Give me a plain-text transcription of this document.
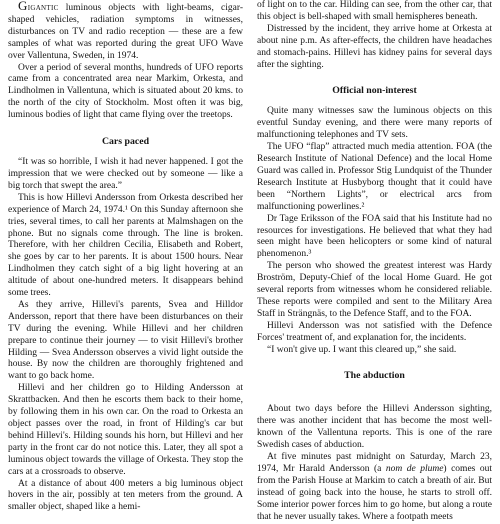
Gigantic luminous objects with light-beams, cigar-shaped vehicles, radiation symptoms in witnesses, disturbances on TV and radio reception — these are a few samples of what was reported during the great UFO Wave over Vallentuna, Sweden, in 1974.

Over a period of several months, hundreds of UFO reports came from a concentrated area near Markim, Orkesta, and Lindholmen in Vallentuna, which is situated about 20 kms. to the north of the city of Stockholm. Most often it was big, luminous bodies of light that came flying over the treetops.

Cars paced

“It was so horrible, I wish it had never happened. I got the impression that we were checked out by someone — like a big torch that swept the area.”

This is how Hillevi Andersson from Orkesta described her experience of March 24, 1974.¹ On this Sunday afternoon she tries, several times, to call her parents at Malmshagen on the phone. But no signals come through. The line is broken. Therefore, with her children Cecilia, Elisabeth and Robert, she goes by car to her parents. It is about 1500 hours. Near Lindholmen they catch sight of a big light hovering at an altitude of about one-hundred meters. It disappears behind some trees.

As they arrive, Hillevi's parents, Svea and Hilldor Andersson, report that there have been disturbances on their TV during the evening. While Hillevi and her children prepare to continue their journey — to visit Hillevi's brother Hilding — Svea Andersson observes a vivid light outside the house. By now the children are thoroughly frightened and want to go back home.

Hillevi and her children go to Hilding Andersson at Skrattbacken. And then he escorts them back to their home, by following them in his own car. On the road to Orkesta an object passes over the road, in front of Hilding's car but behind Hillevi's. Hilding sounds his horn, but Hillevi and her party in the front car do not notice this. Later, they all spot a luminous object towards the village of Orkesta. They stop the cars at a crossroads to observe.

At a distance of about 400 meters a big luminous object hovers in the air, possibly at ten meters from the ground. A smaller object, shaped like a hemi-

of light on to the car. Hilding can see, from the other car, that this object is bell-shaped with small hemispheres beneath.

Distressed by the incident, they arrive home at Orkesta at about nine p.m. As after-effects, the children have headaches and stomach-pains. Hillevi has kidney pains for several days after the sighting.

Official non-interest

Quite many witnesses saw the luminous objects on this eventful Sunday evening, and there were many reports of malfunctioning telephones and TV sets.

The UFO “flap” attracted much media attention. FOA (the Research Institute of National Defence) and the local Home Guard was called in. Professor Stig Lundquist of the Thunder Research Institute at Husbyborg thought that it could have been “Northern Lights”, or electrical arcs from malfunctioning powerlines.²

Dr Tage Eriksson of the FOA said that his Institute had no resources for investigations. He believed that what they had seen might have been helicopters or some kind of natural phenomenon.³

The person who showed the greatest interest was Hardy Broström, Deputy-Chief of the local Home Guard. He got several reports from witnesses whom he considered reliable. These reports were compiled and sent to the Military Area Staff in Strängnäs, to the Defence Staff, and to the FOA.

Hillevi Andersson was not satisfied with the Defence Forces' treatment of, and explanation for, the incidents.

“I won't give up. I want this cleared up,” she said.

The abduction

About two days before the Hillevi Andersson sighting, there was another incident that has become the most well-known of the Vallentuna reports. This is one of the rare Swedish cases of abduction.

At five minutes past midnight on Saturday, March 23, 1974, Mr Harald Andersson (a nom de plume) comes out from the Parish House at Markim to catch a breath of air. But instead of going back into the house, he starts to stroll off. Some interior power forces him to go home, but along a route that he never usually takes. Where a footpath meets
